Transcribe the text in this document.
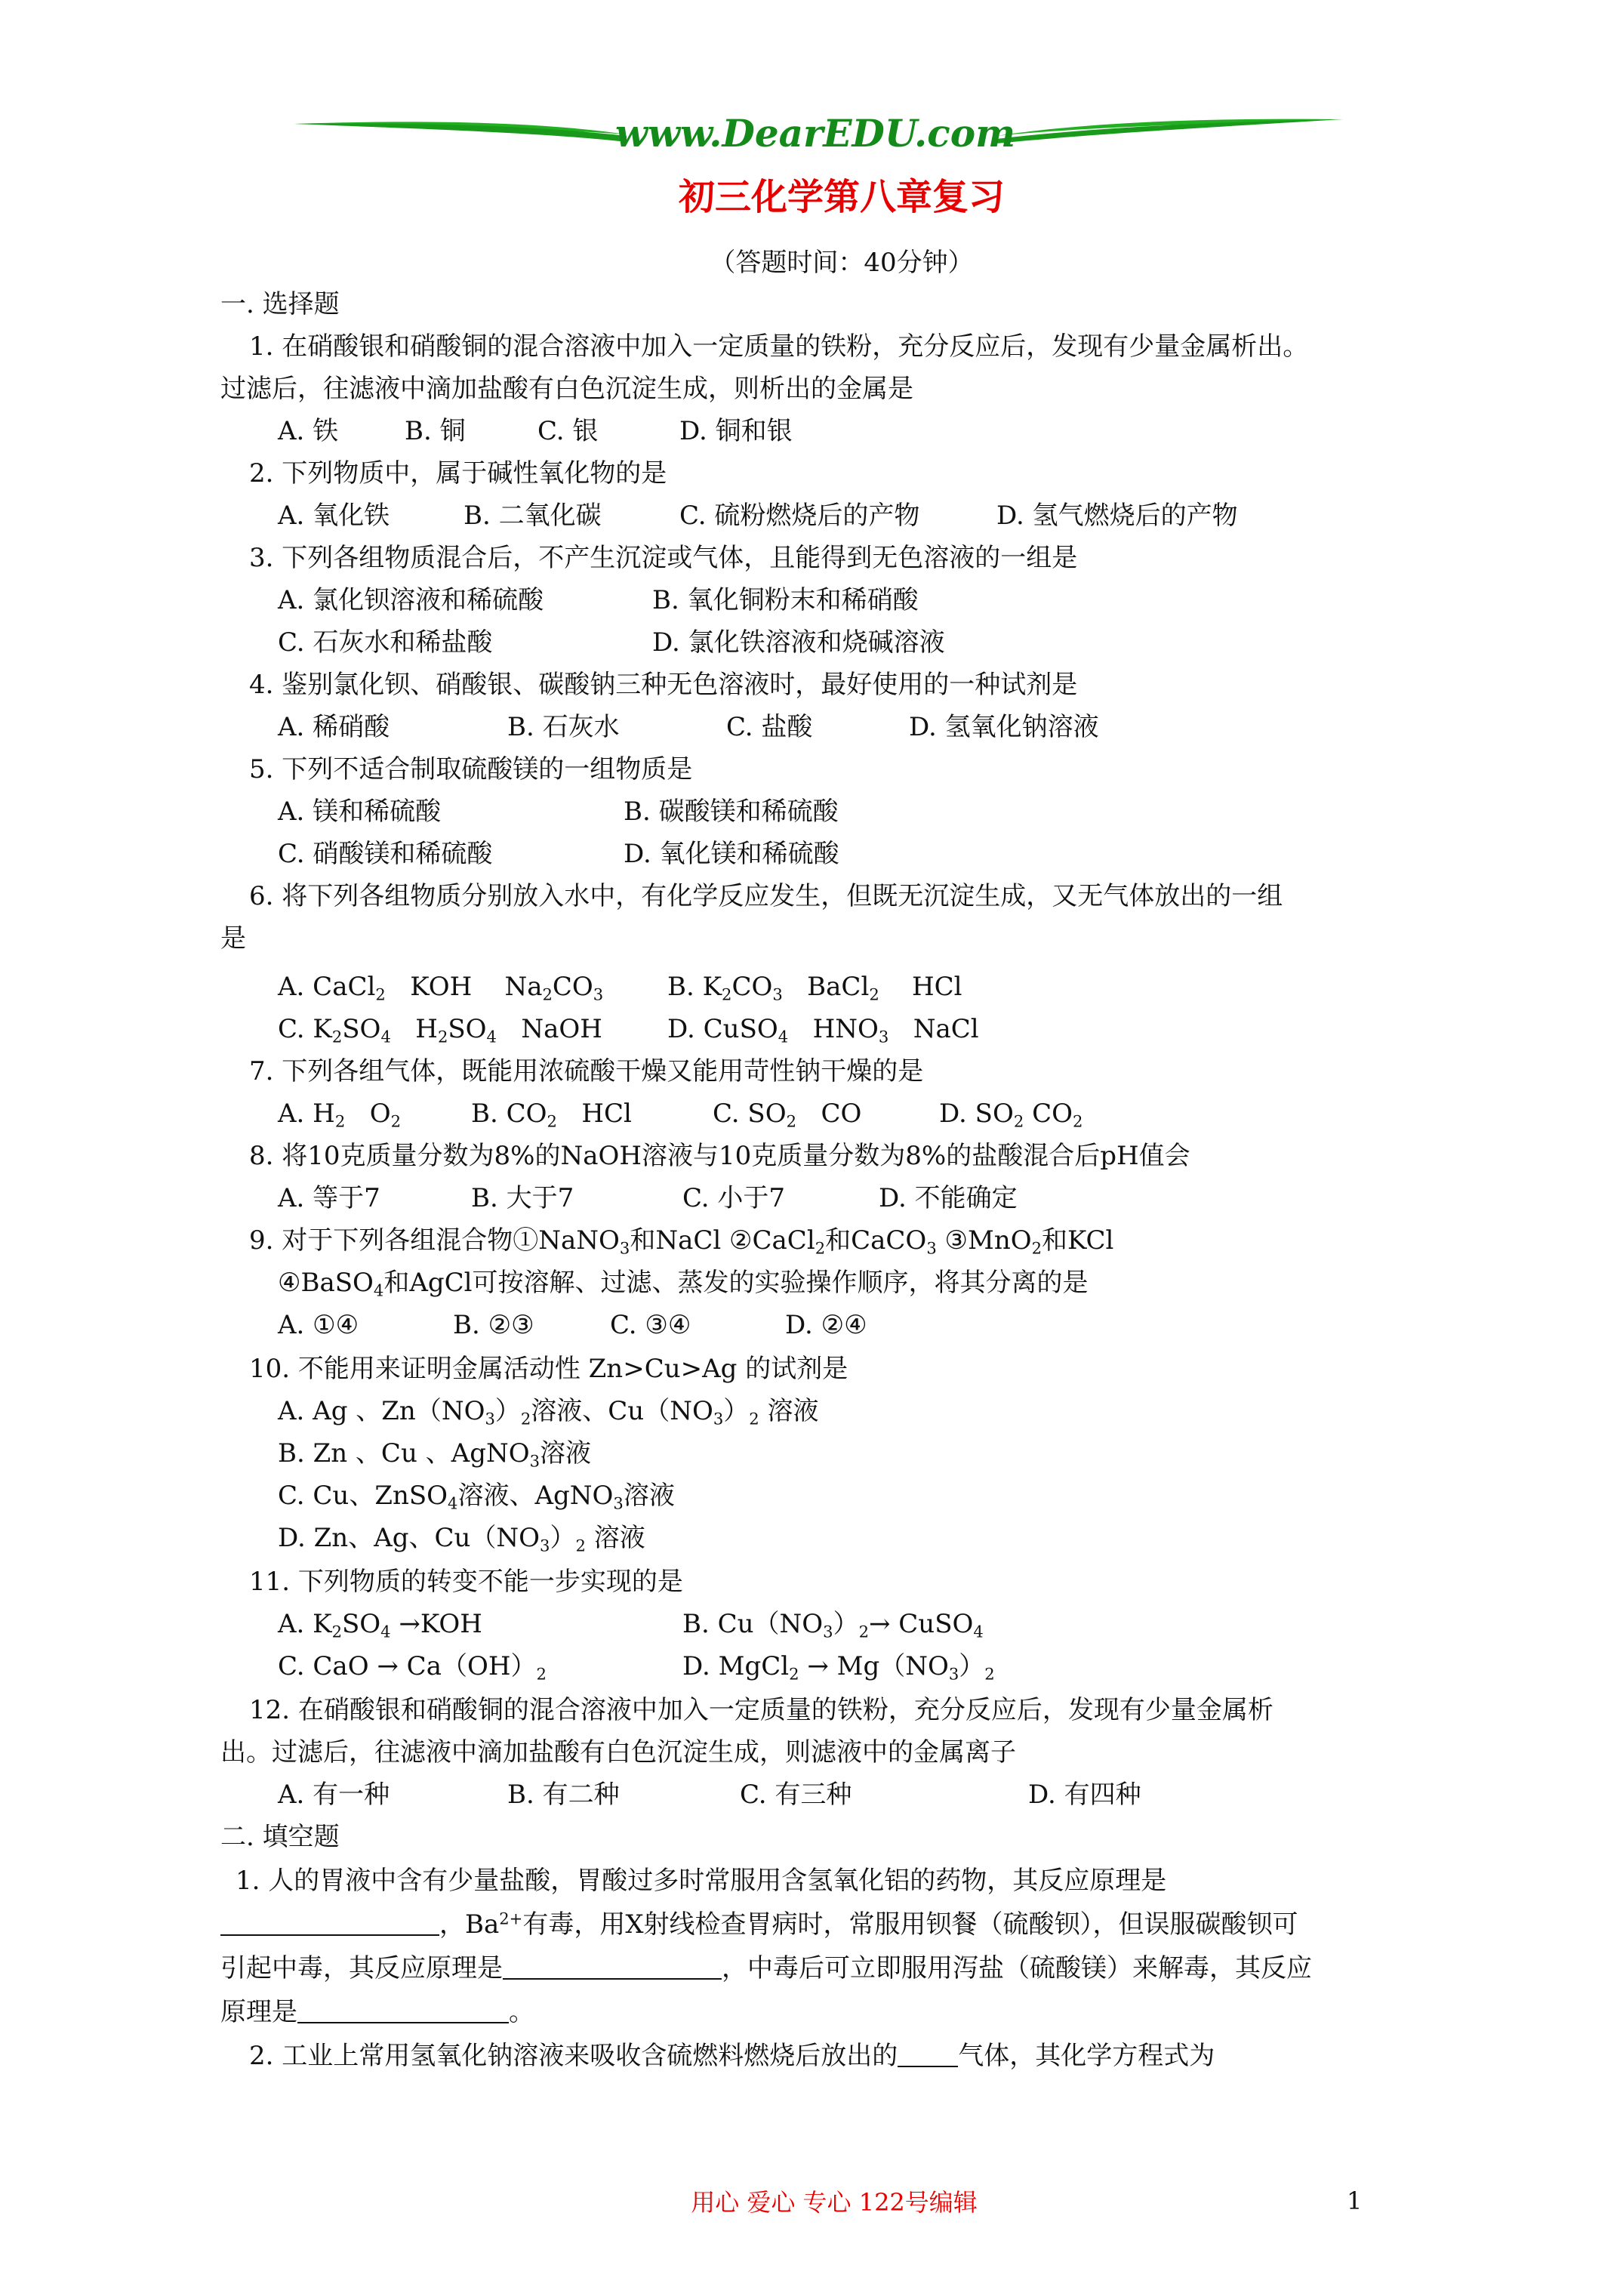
www.DearEDU.com
初三化学第八章复习
（答题时间：40分钟）
一. 选择题
1. 在硝酸银和硝酸铜的混合溶液中加入一定质量的铁粉，充分反应后，发现有少量金属析出。
过滤后，往滤液中滴加盐酸有白色沉淀生成，则析出的金属是
A. 铁	B. 铜	C. 银	D. 铜和银
2. 下列物质中，属于碱性氧化物的是
A. 氧化铁	B. 二氧化碳	C. 硫粉燃烧后的产物	D. 氢气燃烧后的产物
3. 下列各组物质混合后，不产生沉淀或气体，且能得到无色溶液的一组是
A. 氯化钡溶液和稀硫酸	B. 氧化铜粉末和稀硝酸
C. 石灰水和稀盐酸	D. 氯化铁溶液和烧碱溶液
4. 鉴别氯化钡、硝酸银、碳酸钠三种无色溶液时，最好使用的一种试剂是
A. 稀硝酸	B. 石灰水	C. 盐酸	D. 氢氧化钠溶液
5. 下列不适合制取硫酸镁的一组物质是
A. 镁和稀硫酸	B. 碳酸镁和稀硫酸
C. 硝酸镁和稀硫酸	D. 氧化镁和稀硫酸
6. 将下列各组物质分别放入水中，有化学反应发生，但既无沉淀生成，又无气体放出的一组
是
A. CaCl$_2$   KOH    $Na_2CO_3$ B. $K_2CO_3$   BaCl$_2$    HCl
C. $K_2SO_4$   $H_2SO_4$   NaOH	D. CuSO$_4$   $HNO_3$   NaCl
7. 下列各组气体，既能用浓硫酸干燥又能用苛性钠干燥的是
A. $H_2$   $O_2$	B. $CO_2$   HCl	C. $SO_2$   CO	D. $SO_2$ $CO_2$
8. 将10克质量分数为8%的NaOH溶液与10克质量分数为8%的盐酸混合后pH值会
A. 等于7	B. 大于7	C. 小于7	D. 不能确定
9. 对于下列各组混合物①NaNO$_3$和NaCl ②CaCl$_2$和CaCO$_3$ ③MnO$_2$和KCl
④BaSO$_4$和AgCl可按溶解、过滤、蒸发的实验操作顺序，将其分离的是
A. ①④	B. ②③	C. ③④	D. ②④
10. 不能用来证明金属活动性 Zn>Cu>Ag 的试剂是
A. Ag 、$Zn(NO_3)_2$溶液、$Cu(NO_3)_2$ 溶液
B. Zn 、Cu 、AgNO$_3$溶液
C. Cu、ZnSO$_4$溶液、AgNO$_3$溶液
D. Zn、Ag、$Cu(NO_3)_2$ 溶液
11. 下列物质的转变不能一步实现的是
A. $K_2SO_4 \to KOH$	B. $Cu(NO_3)_2\to$ CuSO$_4$
C. CaO → $Ca(OH)_2$	D. MgCl$_2$ → $Mg(NO_3)_2$
12. 在硝酸银和硝酸铜的混合溶液中加入一定质量的铁粉，充分反应后，发现有少量金属析
出。过滤后，往滤液中滴加盐酸有白色沉淀生成，则滤液中的金属离子
A. 有一种	B. 有二种	C. 有三种	D. 有四种
二. 填空题
1. 人的胃液中含有少量盐酸，胃酸过多时常服用含氢氧化铝的药物，其反应原理是
，$Ba^{2+}$有毒，用X射线检查胃病时，常服用钡餐（硫酸钡），但误服碳酸钡可
引起中毒，其反应原理是	，中毒后可立即服用泻盐（硫酸镁）来解毒，其反应
原理是	。
2. 工业上常用氢氧化钠溶液来吸收含硫燃料燃烧后放出的 气体，其化学方程式为
用心 爱心 专心 122号编辑	1
